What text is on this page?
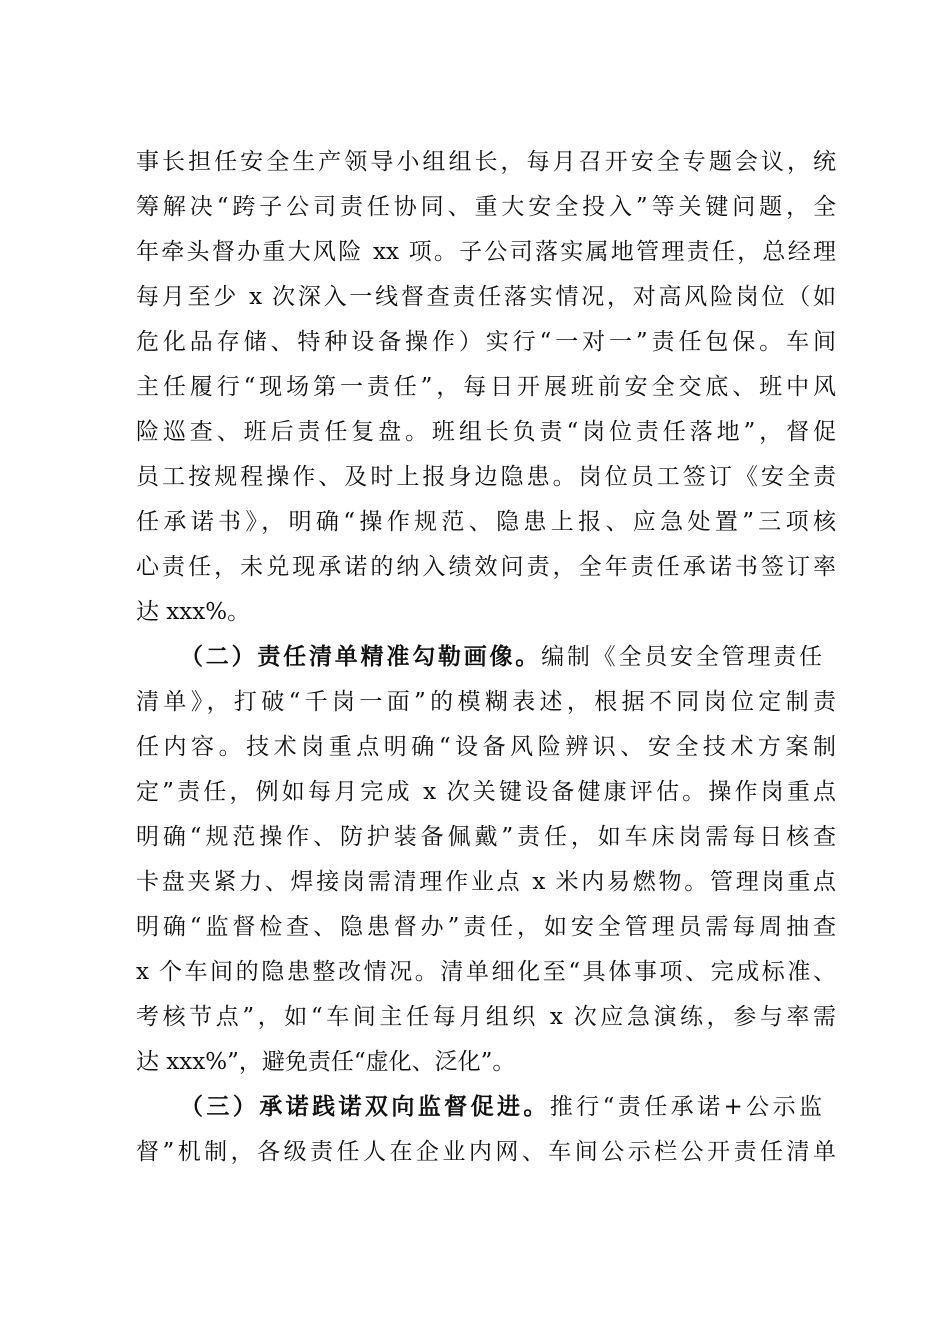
事长担任安全生产领导小组组长，每月召开安全专题会议，统
筹解决“跨子公司责任协同、重大安全投入”等关键问题，全
年牵头督办重大风险 xx 项。子公司落实属地管理责任，总经理
每月至少 x 次深入一线督查责任落实情况，对高风险岗位（如
危化品存储、特种设备操作）实行“一对一”责任包保。车间
主任履行“现场第一责任”，每日开展班前安全交底、班中风
险巡查、班后责任复盘。班组长负责“岗位责任落地”，督促
员工按规程操作、及时上报身边隐患。岗位员工签订《安全责
任承诺书》，明确“操作规范、隐患上报、应急处置”三项核
心责任，未兑现承诺的纳入绩效问责，全年责任承诺书签订率
达 xxx%。
（二）责任清单精准勾勒画像。编制《全员安全管理责任
清单》，打破“千岗一面”的模糊表述，根据不同岗位定制责
任内容。技术岗重点明确“设备风险辨识、安全技术方案制
定”责任，例如每月完成 x 次关键设备健康评估。操作岗重点
明确“规范操作、防护装备佩戴”责任，如车床岗需每日核查
卡盘夹紧力、焊接岗需清理作业点 x 米内易燃物。管理岗重点
明确“监督检查、隐患督办”责任，如安全管理员需每周抽查
x 个车间的隐患整改情况。清单细化至“具体事项、完成标准、
考核节点”，如“车间主任每月组织 x 次应急演练，参与率需
达 xxx%”，避免责任“虚化、泛化”。
（三）承诺践诺双向监督促进。推行“责任承诺+公示监
督”机制，各级责任人在企业内网、车间公示栏公开责任清单
